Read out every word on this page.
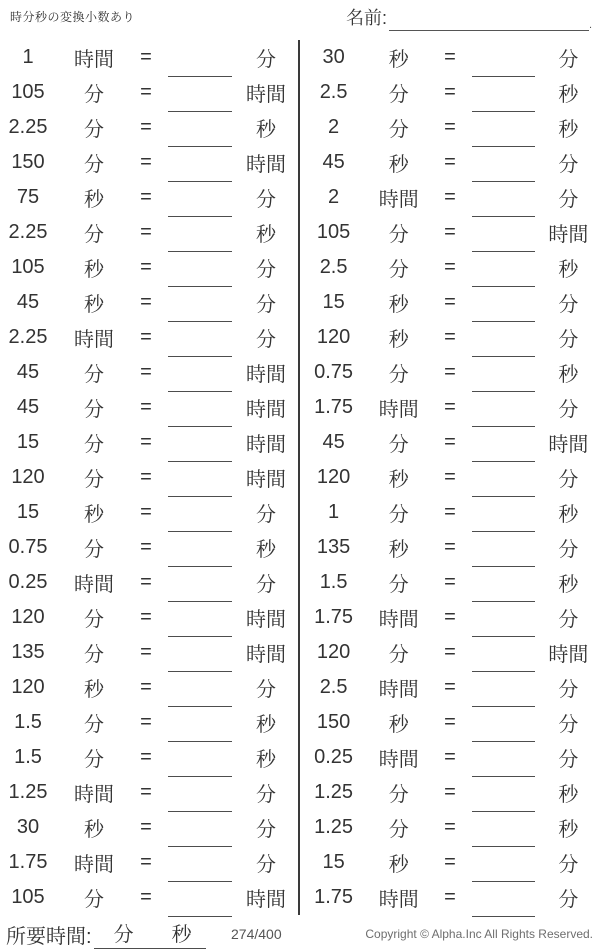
時分秒の変換小数あり	名前:	.
1	時間	=	分
105	分	=	時間
2.25	分	=	秒
150	分	=	時間
75	秒	=	分
2.25	分	=	秒
105	秒	=	分
45	秒	=	分
2.25	時間	=	分
45	分	=	時間
45	分	=	時間
15	分	=	時間
120	分	=	時間
15	秒	=	分
0.75	分	=	秒
0.25	時間	=	分
120	分	=	時間
135	分	=	時間
120	秒	=	分
1.5	分	=	秒
1.5	分	=	秒
1.25	時間	=	分
30	秒	=	分
1.75	時間	=	分
105	分	=	時間
30	秒	=	分
2.5	分	=	秒
2	分	=	秒
45	秒	=	分
2	時間	=	分
105	分	=	時間
2.5	分	=	秒
15	秒	=	分
120	秒	=	分
0.75	分	=	秒
1.75	時間	=	分
45	分	=	時間
120	秒	=	分
1	分	=	秒
135	秒	=	分
1.5	分	=	秒
1.75	時間	=	分
120	分	=	時間
2.5	時間	=	分
150	秒	=	分
0.25	時間	=	分
1.25	分	=	秒
1.25	分	=	秒
15	秒	=	分
1.75	時間	=	分
所要時間:	分	秒	274/400	Copyright © Alpha.Inc All Rights Reserved.
